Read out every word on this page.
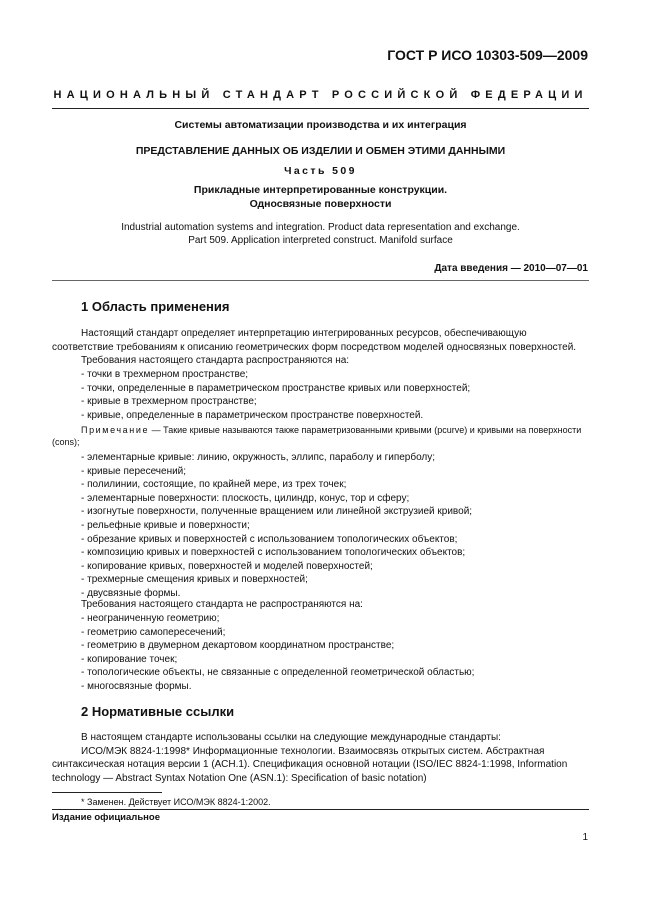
ГОСТ Р ИСО 10303-509—2009
НАЦИОНАЛЬНЫЙ СТАНДАРТ РОССИЙСКОЙ ФЕДЕРАЦИИ
Системы автоматизации производства и их интеграция
ПРЕДСТАВЛЕНИЕ ДАННЫХ ОБ ИЗДЕЛИИ И ОБМЕН ЭТИМИ ДАННЫМИ
Часть 509
Прикладные интерпретированные конструкции.
Односвязные поверхности
Industrial automation systems and integration. Product data representation and exchange.
Part 509. Application interpreted construct. Manifold surface
Дата введения — 2010—07—01
1 Область применения

Настоящий стандарт определяет интерпретацию интегрированных ресурсов, обеспечивающую соответствие требованиям к описанию геометрических форм посредством моделей односвязных поверхностей.

Требования настоящего стандарта распространяются на:

- точки в трехмерном пространстве;
- точки, определенные в параметрическом пространстве кривых или поверхностей;
- кривые в трехмерном пространстве;
- кривые, определенные в параметрическом пространстве поверхностей.
Примечание — Такие кривые называются также параметризованными кривыми (pcurve) и кривыми на поверхности (cons);
- элементарные кривые: линию, окружность, эллипс, параболу и гиперболу;
- кривые пересечений;
- полилинии, состоящие, по крайней мере, из трех точек;
- элементарные поверхности: плоскость, цилиндр, конус, тор и сферу;
- изогнутые поверхности, полученные вращением или линейной экструзией кривой;
- рельефные кривые и поверхности;
- обрезание кривых и поверхностей с использованием топологических объектов;
- композицию кривых и поверхностей с использованием топологических объектов;
- копирование кривых, поверхностей и моделей поверхностей;
- трехмерные смещения кривых и поверхностей;
- двусвязные формы.
Требования настоящего стандарта не распространяются на:
- неограниченную геометрию;
- геометрию самопересечений;
- геометрию в двумерном декартовом координатном пространстве;
- копирование точек;
- топологические объекты, не связанные с определенной геометрической областью;
- многосвязные формы.
2 Нормативные ссылки

В настоящем стандарте использованы ссылки на следующие международные стандарты:

ИСО/МЭК 8824-1:1998* Информационные технологии. Взаимосвязь открытых систем. Абстрактная синтаксическая нотация версии 1 (АСН.1). Спецификация основной нотации (ISO/IEC 8824-1:1998, Information technology — Abstract Syntax Notation One (ASN.1): Specification of basic notation)

* Заменен. Действует ИСО/МЭК 8824-1:2002.
Издание официальное
1
